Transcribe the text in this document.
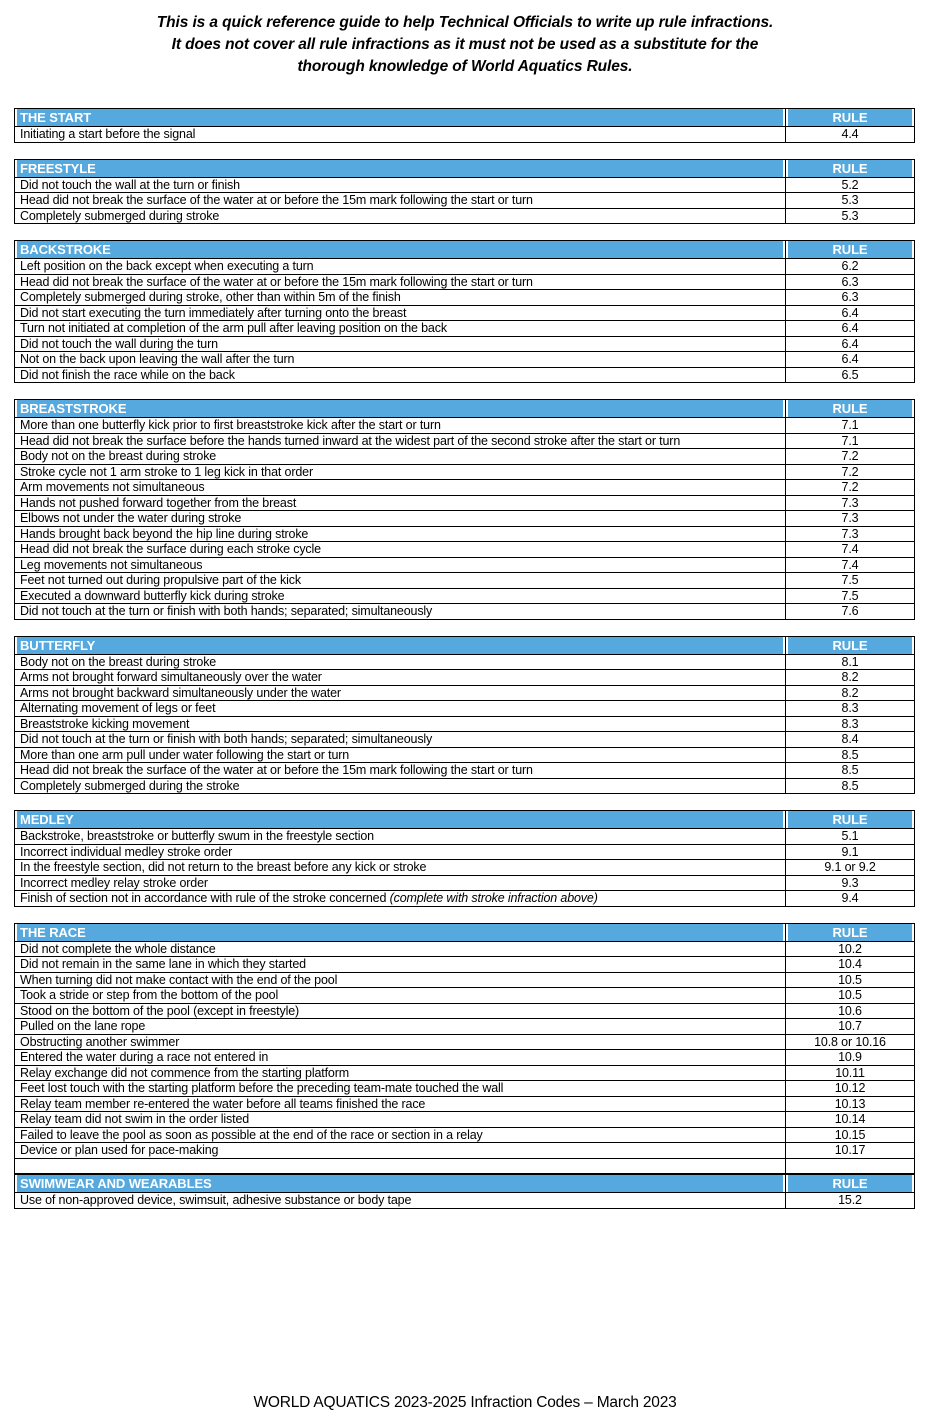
This is a quick reference guide to help Technical Officials to write up rule infractions.
It does not cover all rule infractions as it must not be used as a substitute for the
thorough knowledge of World Aquatics Rules.
THE START	RULE
Initiating a start before the signal	4.4
FREESTYLE	RULE
Did not touch the wall at the turn or finish	5.2
Head did not break the surface of the water at or before the 15m mark following the start or turn	5.3
Completely submerged during stroke	5.3
BACKSTROKE	RULE
Left position on the back except when executing a turn	6.2
Head did not break the surface of the water at or before the 15m mark following the start or turn	6.3
Completely submerged during stroke, other than within 5m of the finish	6.3
Did not start executing the turn immediately after turning onto the breast	6.4
Turn not initiated at completion of the arm pull after leaving position on the back	6.4
Did not touch the wall during the turn	6.4
Not on the back upon leaving the wall after the turn	6.4
Did not finish the race while on the back	6.5
BREASTSTROKE	RULE
More than one butterfly kick prior to first breaststroke kick after the start or turn	7.1
Head did not break the surface before the hands turned inward at the widest part of the second stroke after the start or turn	7.1
Body not on the breast during stroke	7.2
Stroke cycle not 1 arm stroke to 1 leg kick in that order	7.2
Arm movements not simultaneous	7.2
Hands not pushed forward together from the breast	7.3
Elbows not under the water during stroke	7.3
Hands brought back beyond the hip line during stroke	7.3
Head did not break the surface during each stroke cycle	7.4
Leg movements not simultaneous	7.4
Feet not turned out during propulsive part of the kick	7.5
Executed a downward butterfly kick during stroke	7.5
Did not touch at the turn or finish with both hands; separated; simultaneously	7.6
BUTTERFLY	RULE
Body not on the breast during stroke	8.1
Arms not brought forward simultaneously over the water	8.2
Arms not brought backward simultaneously under the water	8.2
Alternating movement of legs or feet	8.3
Breaststroke kicking movement	8.3
Did not touch at the turn or finish with both hands; separated; simultaneously	8.4
More than one arm pull under water following the start or turn	8.5
Head did not break the surface of the water at or before the 15m mark following the start or turn	8.5
Completely submerged during the stroke	8.5
MEDLEY	RULE
Backstroke, breaststroke or butterfly swum in the freestyle section	5.1
Incorrect individual medley stroke order	9.1
In the freestyle section, did not return to the breast before any kick or stroke	9.1 or 9.2
Incorrect medley relay stroke order	9.3
Finish of section not in accordance with rule of the stroke concerned (complete with stroke infraction above)	9.4
THE RACE	RULE
Did not complete the whole distance	10.2
Did not remain in the same lane in which they started	10.4
When turning did not make contact with the end of the pool	10.5
Took a stride or step from the bottom of the pool	10.5
Stood on the bottom of the pool (except in freestyle)	10.6
Pulled on the lane rope	10.7
Obstructing another swimmer	10.8 or 10.16
Entered the water during a race not entered in	10.9
Relay exchange did not commence from the starting platform	10.11
Feet lost touch with the starting platform before the preceding team-mate touched the wall	10.12
Relay team member re-entered the water before all teams finished the race	10.13
Relay team did not swim in the order listed	10.14
Failed to leave the pool as soon as possible at the end of the race or section in a relay	10.15
Device or plan used for pace-making	10.17

SWIMWEAR AND WEARABLES	RULE
Use of non-approved device, swimsuit, adhesive substance or body tape	15.2
WORLD AQUATICS 2023-2025 Infraction Codes – March 2023
